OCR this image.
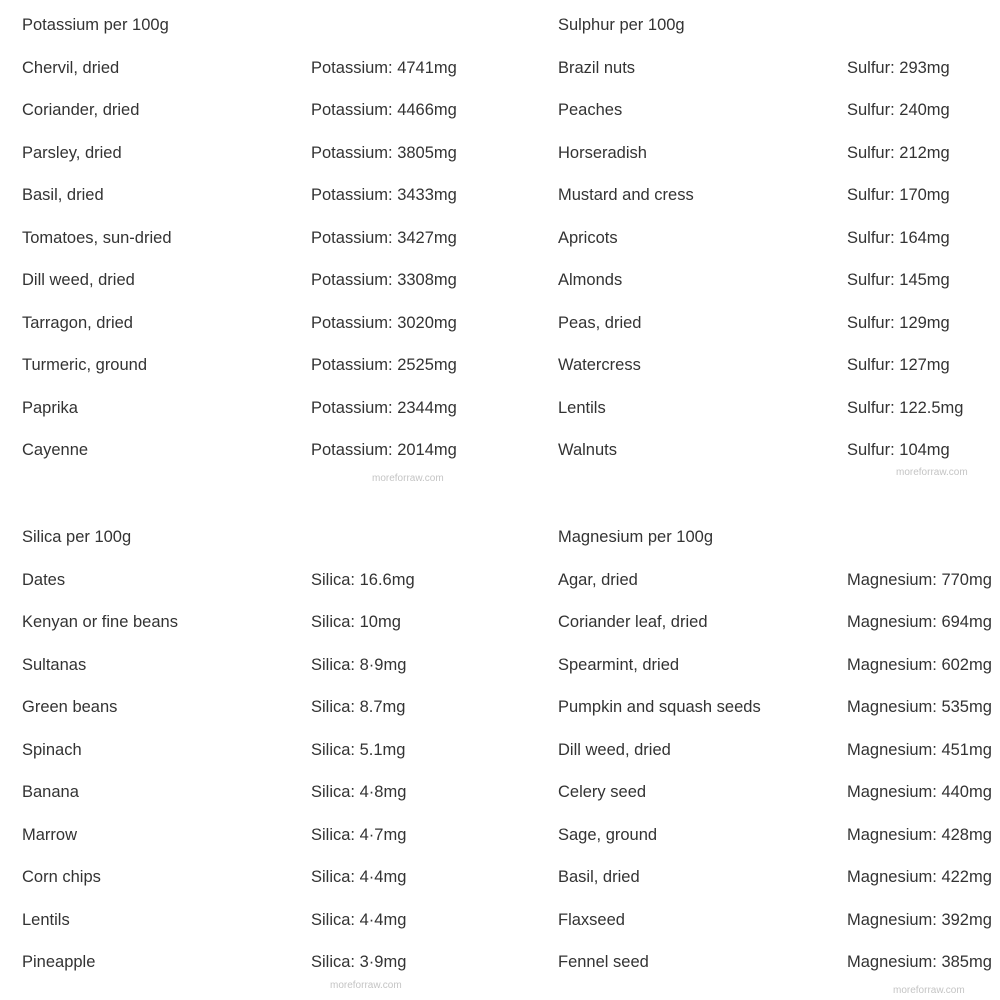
Potassium per 100g
Chervil, dried	Potassium: 4741mg
Coriander, dried	Potassium: 4466mg
Parsley, dried	Potassium: 3805mg
Basil, dried	Potassium: 3433mg
Tomatoes, sun-dried	Potassium: 3427mg
Dill weed, dried	Potassium: 3308mg
Tarragon, dried	Potassium: 3020mg
Turmeric, ground	Potassium: 2525mg
Paprika	Potassium: 2344mg
Cayenne	Potassium: 2014mg
Sulphur per 100g
Brazil nuts	Sulfur: 293mg
Peaches	Sulfur: 240mg
Horseradish	Sulfur: 212mg
Mustard and cress	Sulfur: 170mg
Apricots	Sulfur: 164mg
Almonds	Sulfur: 145mg
Peas, dried	Sulfur: 129mg
Watercress	Sulfur: 127mg
Lentils	Sulfur: 122.5mg
Walnuts	Sulfur: 104mg
Silica per 100g
Dates	Silica: 16.6mg
Kenyan or fine beans	Silica: 10mg
Sultanas	Silica: 8·9mg
Green beans	Silica: 8.7mg
Spinach	Silica: 5.1mg
Banana	Silica: 4·8mg
Marrow	Silica: 4·7mg
Corn chips	Silica: 4·4mg
Lentils	Silica: 4·4mg
Pineapple	Silica: 3·9mg
Magnesium per 100g
Agar, dried	Magnesium: 770mg
Coriander leaf, dried	Magnesium: 694mg
Spearmint, dried	Magnesium: 602mg
Pumpkin and squash seeds	Magnesium: 535mg
Dill weed, dried	Magnesium: 451mg
Celery seed	Magnesium: 440mg
Sage, ground	Magnesium: 428mg
Basil, dried	Magnesium: 422mg
Flaxseed	Magnesium: 392mg
Fennel seed	Magnesium: 385mg
moreforraw.com
moreforraw.com
moreforraw.com	moreforraw.com
